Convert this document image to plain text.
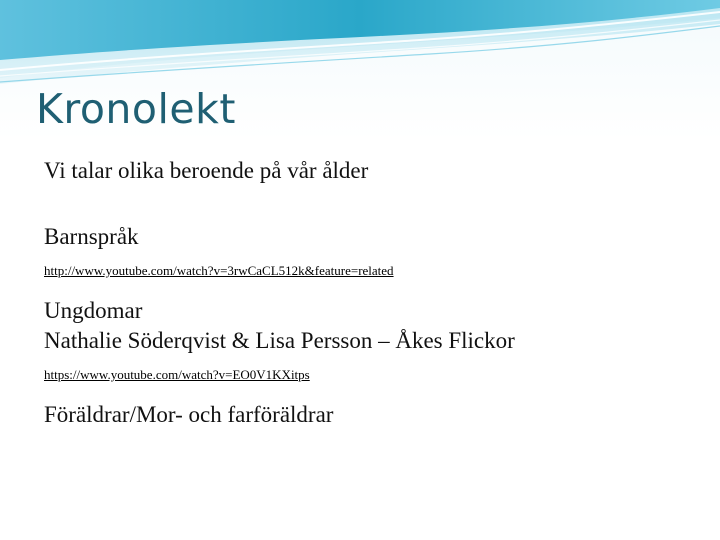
Kronolekt
Vi talar olika beroende på vår ålder
Barnspråk
http://www.youtube.com/watch?v=3rwCaCL512k&feature=related
Ungdomar
Nathalie Söderqvist & Lisa Persson – Åkes Flickor
https://www.youtube.com/watch?v=EO0V1KXitps
Föräldrar/Mor- och farföräldrar
